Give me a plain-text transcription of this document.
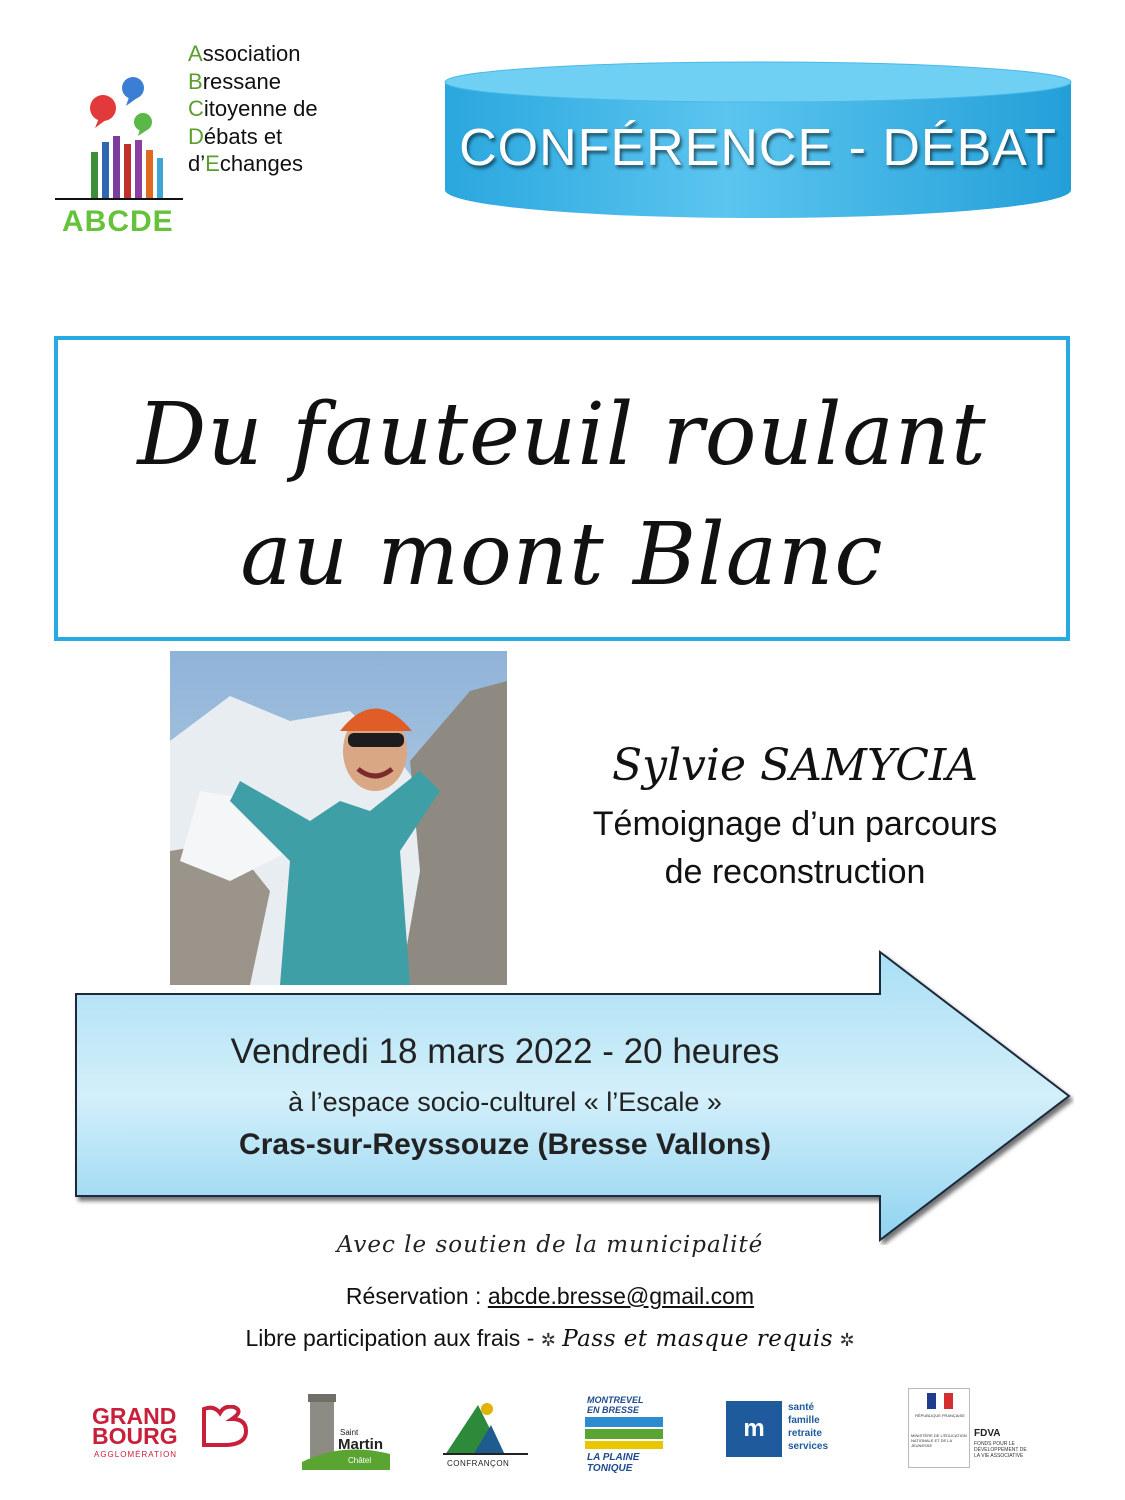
ABCDE
Association
Bressane
Citoyenne de
Débats et
d’Echanges	CONFÉRENCE - DÉBAT
Du fauteuil roulant
au mont Blanc
Sylvie SAMYCIA
Témoignage d’un parcours
de reconstruction
Vendredi 18 mars 2022 - 20 heures
à l’espace socio-culturel « l’Escale »
Cras-sur-Reyssouze (Bresse Vallons)
Avec le soutien de la municipalité
Réservation : abcde.bresse@gmail.com
Libre participation aux frais - ✲ Pass et masque requis ✲
GRAND
BOURG
AGGLOMÉRATION
Saint
Martin
Châtel	CONFRANÇON
MONTREVEL
EN BRESSE
LA PLAINE
TONIQUE
m
santé
famille
retraite
services
RÉPUBLIQUE FRANÇAISE
MINISTÈRE DE L'ÉDUCATION NATIONALE ET DE LA JEUNESSE
FDVA
FONDS POUR LE DÉVELOPPEMENT DE LA VIE ASSOCIATIVE
